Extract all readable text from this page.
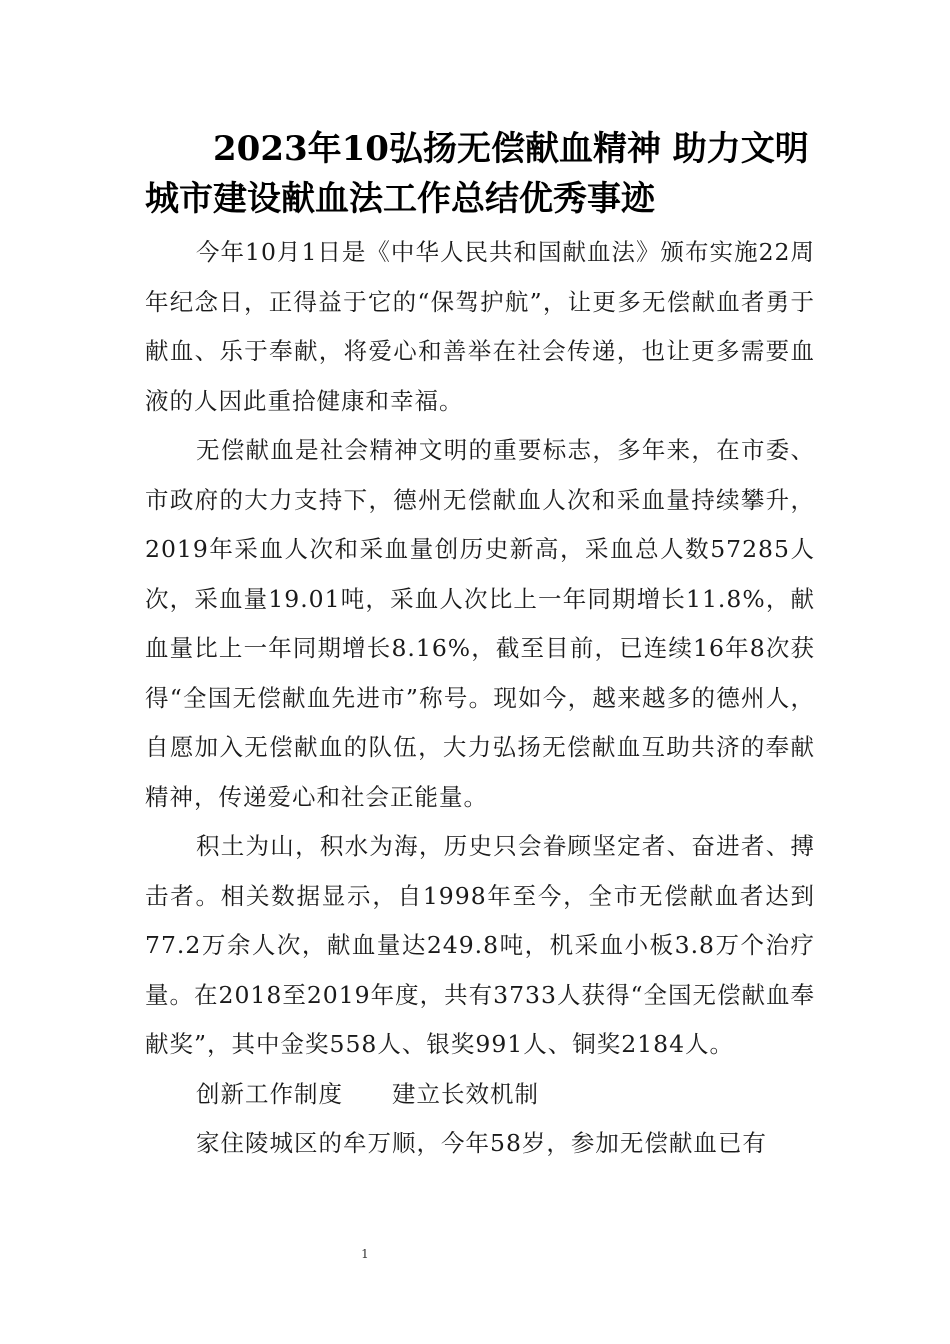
2023年10弘扬无偿献血精神 助力文明城市建设献血法工作总结优秀事迹

今年10月1日是《中华人民共和国献血法》颁布实施22周年纪念日，正得益于它的“保驾护航”，让更多无偿献血者勇于献血、乐于奉献，将爱心和善举在社会传递，也让更多需要血液的人因此重拾健康和幸福。

无偿献血是社会精神文明的重要标志，多年来，在市委、市政府的大力支持下，德州无偿献血人次和采血量持续攀升，2019年采血人次和采血量创历史新高，采血总人数57285人次，采血量19.01吨，采血人次比上一年同期增长11.8%，献血量比上一年同期增长8.16%，截至目前，已连续16年8次获得“全国无偿献血先进市”称号。现如今，越来越多的德州人，自愿加入无偿献血的队伍，大力弘扬无偿献血互助共济的奉献精神，传递爱心和社会正能量。

积土为山，积水为海，历史只会眷顾坚定者、奋进者、搏击者。相关数据显示，自1998年至今，全市无偿献血者达到77.2万余人次，献血量达249.8吨，机采血小板3.8万个治疗量。在2018至2019年度，共有3733人获得“全国无偿献血奉献奖”，其中金奖558人、银奖991人、铜奖2184人。

创新工作制度　　建立长效机制

家住陵城区的牟万顺，今年58岁，参加无偿献血已有

1
